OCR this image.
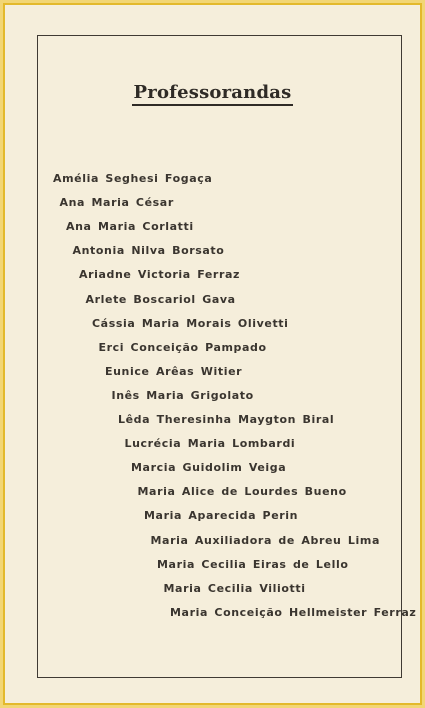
Professorandas
Amélia Seghesi Fogaça
Ana Maria César
Ana Maria Corlatti
Antonia Nilva Borsato
Ariadne Victoria Ferraz
Arlete Boscariol Gava
Cássia Maria Morais Olivetti
Erci Conceição Pampado
Eunice Arêas Witier
Inês Maria Grigolato
Lêda Theresinha Maygton Biral
Lucrécia Maria Lombardi
Marcia Guidolim Veiga
Maria Alice de Lourdes Bueno
Maria Aparecida Perin
Maria Auxiliadora de Abreu Lima
Maria Cecilia Eiras de Lello
Maria Cecilia Viliotti
Maria Conceição Hellmeister Ferraz
